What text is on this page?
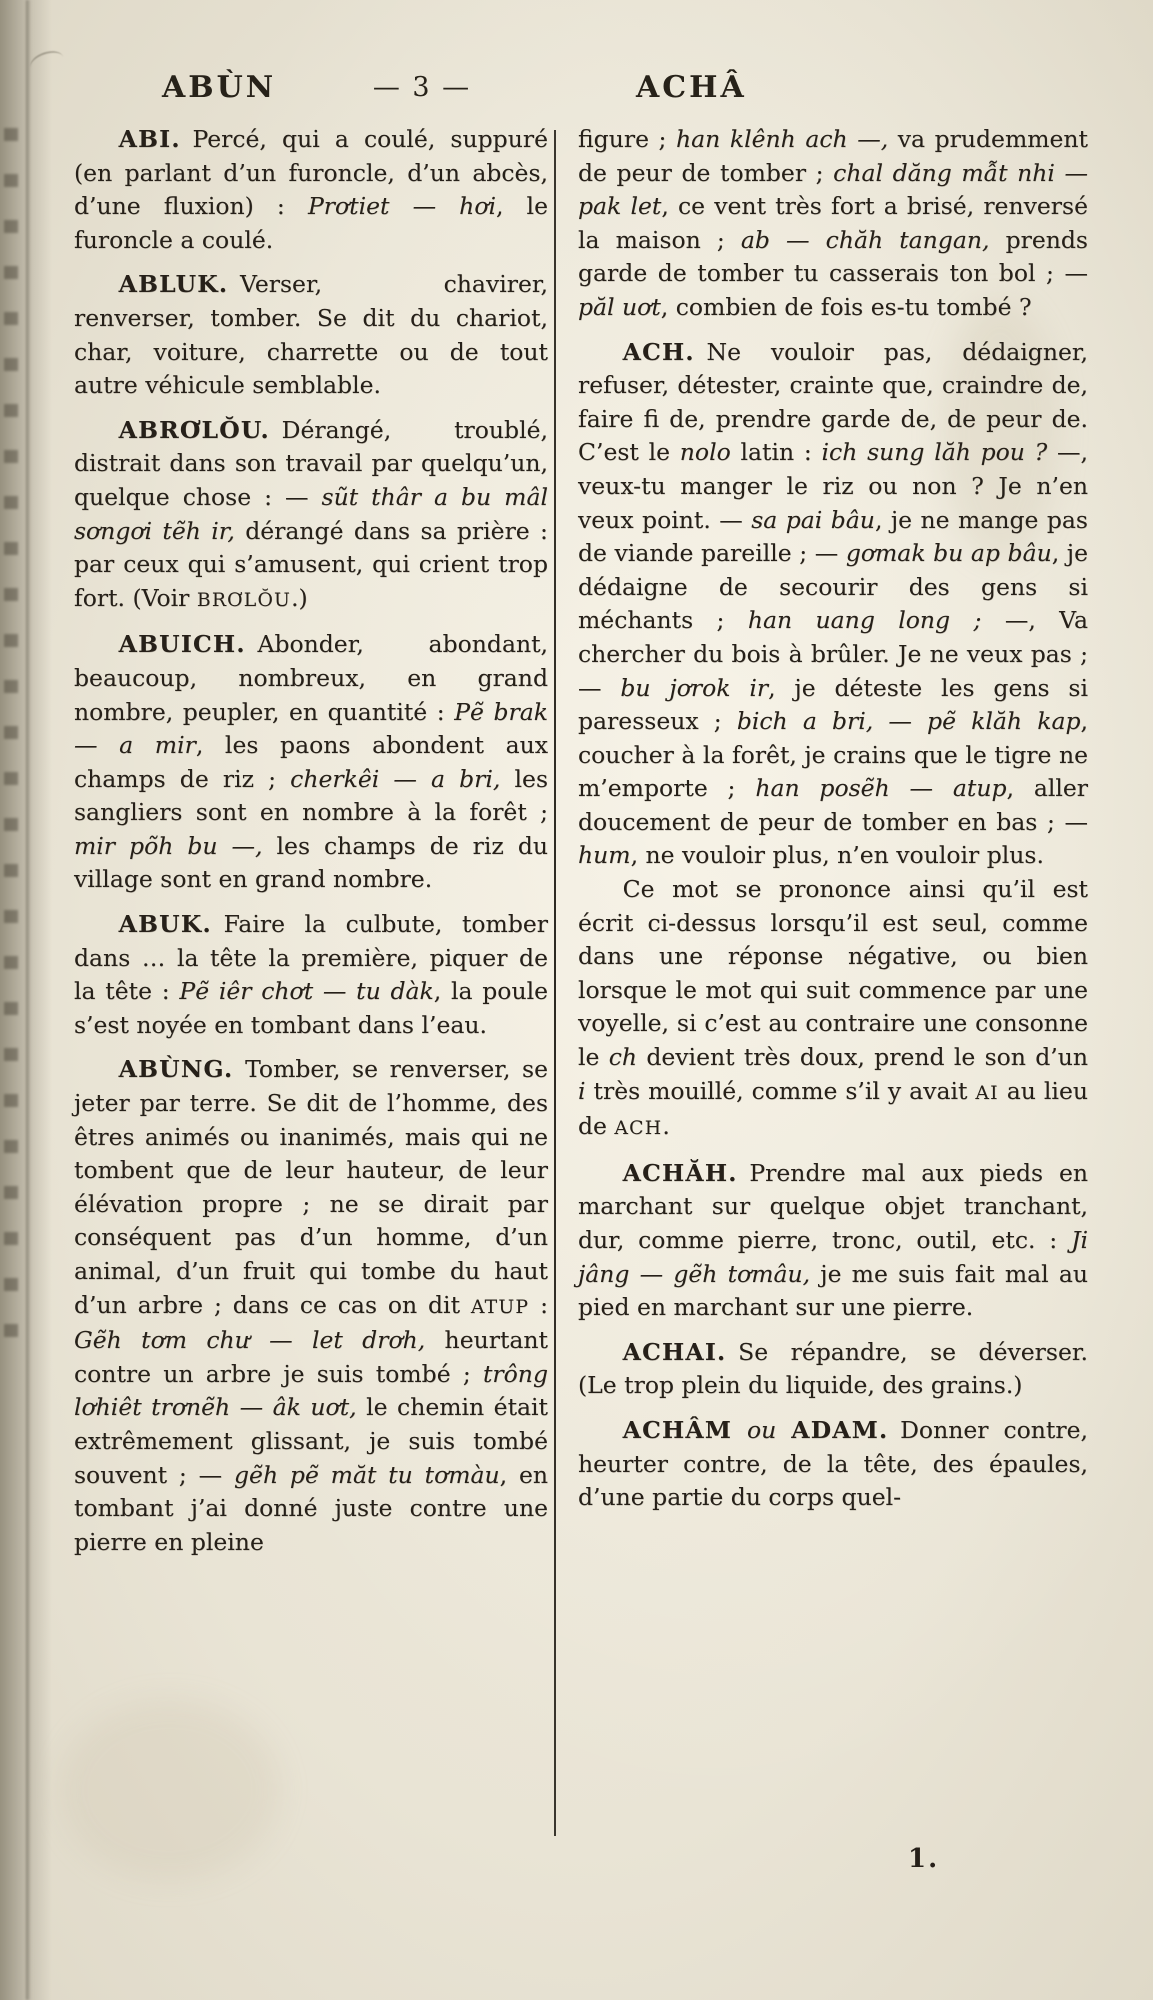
ABÙN	— 3 —	ACHÂ

ABI. Percé, qui a coulé, suppuré (en parlant d’un furoncle, d’un abcès, d’une fluxion) : Prơtiet — hơi, le furoncle a coulé.

ABLUK. Verser, chavirer, renverser, tomber. Se dit du chariot, char, voiture, charrette ou de tout autre véhicule semblable.

ABRƠLŎU. Dérangé, troublé, distrait dans son travail par quelqu’un, quelque chose : — sũt thâr a bu mâl sơngơi tẽh ir, dérangé dans sa prière : par ceux qui s’amusent, qui crient trop fort. (Voir BRƠLŎU.)

ABUICH. Abonder, abondant, beaucoup, nombreux, en grand nombre, peupler, en quantité : Pẽ brak — a mir, les paons abondent aux champs de riz ; cherkêi — a bri, les sangliers sont en nombre à la forêt ; mir põh bu —, les champs de riz du village sont en grand nombre.

ABUK. Faire la culbute, tomber dans … la tête la première, piquer de la tête : Pẽ iêr chơt — tu dàk, la poule s’est noyée en tombant dans l’eau.

ABÙNG. Tomber, se renverser, se jeter par terre. Se dit de l’homme, des êtres animés ou inanimés, mais qui ne tombent que de leur hauteur, de leur élévation propre ; ne se dirait par conséquent pas d’un homme, d’un animal, d’un fruit qui tombe du haut d’un arbre ; dans ce cas on dit ATUP : Gẽh tơm chư — let drơh, heurtant contre un arbre je suis tombé ; trông lơhiêt trơnẽh — âk uơt, le chemin était extrêmement glissant, je suis tombé souvent ; — gẽh pẽ măt tu tơmàu, en tombant j’ai donné juste contre une pierre en pleine

figure ; han klênh ach —, va prudemment de peur de tomber ; chal dăng mẫt nhi — pak let, ce vent très fort a brisé, renversé la maison ; ab — chăh tangan, prends garde de tomber tu casserais ton bol ; — păl uơt, combien de fois es-tu tombé ?

ACH. Ne vouloir pas, dédaigner, refuser, détester, crainte que, craindre de, faire fi de, prendre garde de, de peur de. C’est le nolo latin : ich sung lăh pou ? —, veux-tu manger le riz ou non ? Je n’en veux point. — sa pai bâu, je ne mange pas de viande pareille ; — gơmak bu ap bâu, je dédaigne de secourir des gens si méchants ; han uang long ; —, Va chercher du bois à brûler. Je ne veux pas ; — bu jơrok ir, je déteste les gens si paresseux ; bich a bri, — pẽ klăh kap, coucher à la forêt, je crains que le tigre ne m’emporte ; han posẽh — atup, aller doucement de peur de tomber en bas ; — hum, ne vouloir plus, n’en vouloir plus.

Ce mot se prononce ainsi qu’il est écrit ci-dessus lorsqu’il est seul, comme dans une réponse négative, ou bien lorsque le mot qui suit commence par une voyelle, si c’est au contraire une consonne le ch devient très doux, prend le son d’un i très mouillé, comme s’il y avait AI au lieu de ACH.

ACHĂH. Prendre mal aux pieds en marchant sur quelque objet tranchant, dur, comme pierre, tronc, outil, etc. : Ji jâng — gẽh tơmâu, je me suis fait mal au pied en marchant sur une pierre.

ACHAI. Se répandre, se déverser. (Le trop plein du liquide, des grains.)

ACHÂM ou ADAM. Donner contre, heurter contre, de la tête, des épaules, d’une partie du corps quel-

1.
